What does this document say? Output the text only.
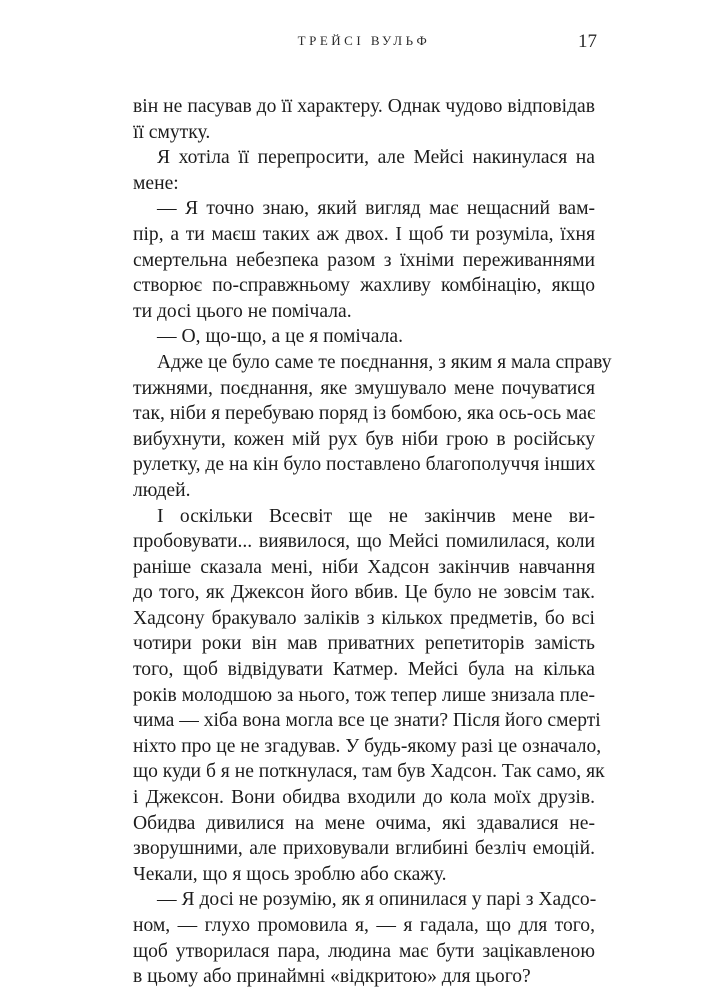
ТРЕЙСІ ВУЛЬФ	17

він не пасував до її характеру. Однак чудово відповідав
її смутку.

Я хотіла її перепросити, але Мейсі накинулася на
мене:

— Я точно знаю, який вигляд має нещасний вам-
пір, а ти маєш таких аж двох. І щоб ти розуміла, їхня
смертельна небезпека разом з їхніми переживаннями
створює по-справжньому жахливу комбінацію, якщо
ти досі цього не помічала.

— О, що-що, а це я помічала.

Адже це було саме те поєднання, з яким я мала справу
тижнями, поєднання, яке змушувало мене почуватися
так, ніби я перебуваю поряд із бомбою, яка ось-ось має
вибухнути, кожен мій рух був ніби грою в російську
рулетку, де на кін було поставлено благополуччя інших
людей.

І оскільки Всесвіт ще не закінчив мене ви-
пробовувати... виявилося, що Мейсі помилилася, коли
раніше сказала мені, ніби Хадсон закінчив навчання
до того, як Джексон його вбив. Це було не зовсім так.
Хадсону бракувало заліків з кількох предметів, бо всі
чотири роки він мав приватних репетиторів замість
того, щоб відвідувати Катмер. Мейсі була на кілька
років молодшою за нього, тож тепер лише знизала пле-
чима — хіба вона могла все це знати? Після його смерті
ніхто про це не згадував. У будь-якому разі це означало,
що куди б я не поткнулася, там був Хадсон. Так само, як
і Джексон. Вони обидва входили до кола моїх друзів.
Обидва дивилися на мене очима, які здавалися не-
зворушними, але приховували вглибині безліч емоцій.
Чекали, що я щось зроблю або скажу.

— Я досі не розумію, як я опинилася у парі з Хадсо-
ном, — глухо промовила я, — я гадала, що для того,
щоб утворилася пара, людина має бути зацікавленою
в цьому або принаймні «відкритою» для цього?
